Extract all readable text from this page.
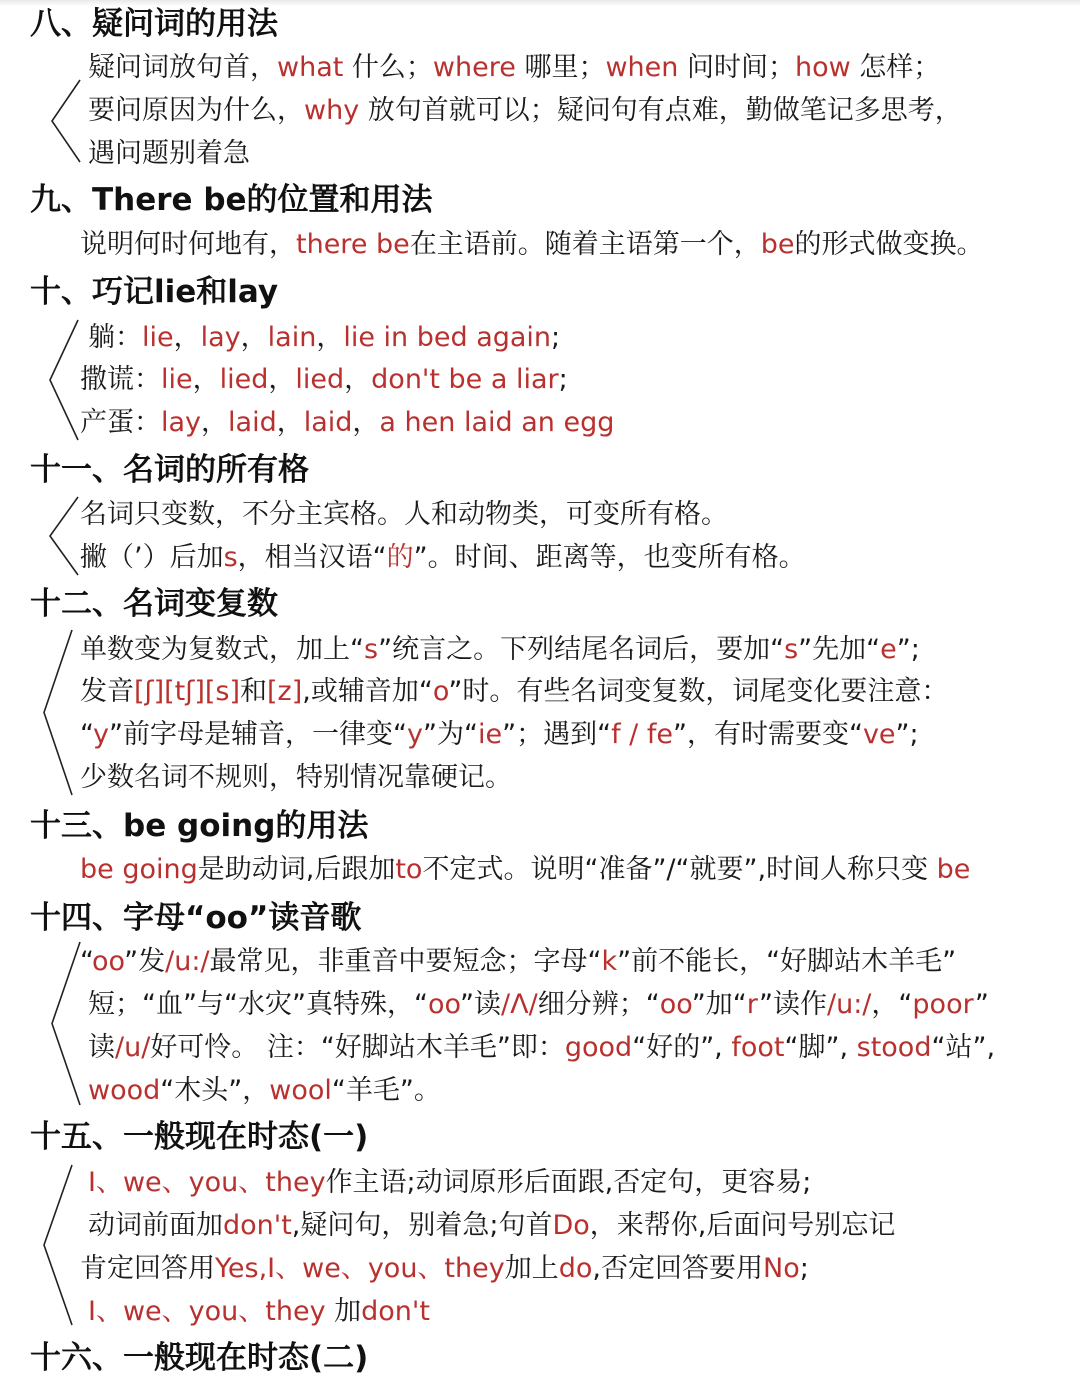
八、疑问词的用法
疑问词放句首，what 什么；where 哪里；when 问时间；how 怎样；
要问原因为什么，why 放句首就可以；疑问句有点难，勤做笔记多思考，
遇问题别着急
九、There be的位置和用法
说明何时何地有，there be在主语前。随着主语第一个，be的形式做变换。
十、巧记lie和lay
躺：lie，lay，lain，lie in bed again;
撒谎：lie，lied，lied，don't be a liar;
产蛋：lay，laid，laid，a hen laid an egg
十一、名词的所有格
名词只变数，不分主宾格。人和动物类，可变所有格。
撇（’）后加s，相当汉语“的”。时间、距离等，也变所有格。
十二、名词变复数
单数变为复数式，加上“s”统言之。下列结尾名词后，要加“s”先加“e”;
发音[ʃ][tʃ][s]和[z],或辅音加“o”时。有些名词变复数，词尾变化要注意：
“y”前字母是辅音，一律变“y”为“ie”；遇到“f / fe”，有时需要变“ve”;
少数名词不规则，特别情况靠硬记。
十三、be going的用法
be going是助动词,后跟加to不定式。说明“准备”/“就要”,时间人称只变 be
十四、字母“oo”读音歌
“oo”发/u:/最常见，非重音中要短念；字母“k”前不能长，“好脚站木羊毛”
短；“血”与“水灾”真特殊，“oo”读/Λ/细分辨；“oo”加“r”读作/u:/，“poor”
读/u/好可怜。 注：“好脚站木羊毛”即：good“好的”, foot“脚”, stood“站”,
wood“木头”，wool“羊毛”。
十五、一般现在时态(一)
I、we、you、they作主语;动词原形后面跟,否定句，更容易;
动词前面加don't,疑问句，别着急;句首Do，来帮你,后面问号别忘记
肯定回答用Yes,I、we、you、they加上do,否定回答要用No;
I、we、you、they 加don't
十六、一般现在时态(二)
